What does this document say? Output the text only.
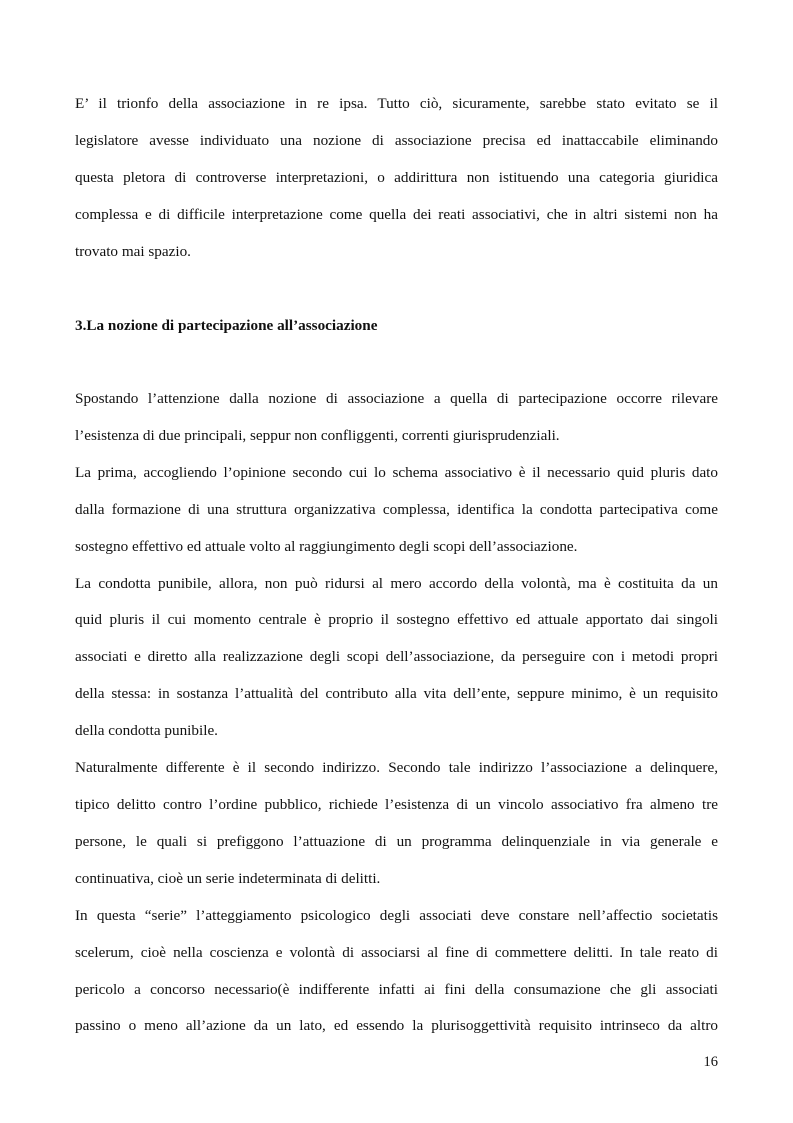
E’ il trionfo della associazione in re ipsa. Tutto ciò, sicuramente, sarebbe stato evitato se il
legislatore avesse individuato una nozione di associazione precisa ed inattaccabile eliminando
questa pletora di controverse interpretazioni, o addirittura non istituendo una categoria giuridica
complessa e di difficile interpretazione come quella dei reati associativi, che in altri sistemi non ha
trovato mai spazio.

3.La nozione di partecipazione all’associazione

Spostando l’attenzione dalla nozione di associazione a quella di partecipazione occorre rilevare
l’esistenza di due principali, seppur non confliggenti, correnti giurisprudenziali.
La prima, accogliendo l’opinione secondo cui lo schema associativo è il necessario quid pluris dato
dalla formazione di una struttura organizzativa complessa, identifica la condotta partecipativa come
sostegno effettivo ed attuale volto al raggiungimento degli scopi dell’associazione.
La condotta punibile, allora, non può ridursi al mero accordo della volontà, ma è costituita da un
quid pluris il cui momento centrale è proprio il sostegno effettivo ed attuale apportato dai singoli
associati e diretto alla realizzazione degli scopi dell’associazione, da perseguire con i metodi propri
della stessa: in sostanza l’attualità del contributo alla vita dell’ente, seppure minimo, è un requisito
della condotta punibile.
Naturalmente differente è il secondo indirizzo. Secondo tale indirizzo l’associazione a delinquere,
tipico delitto contro l’ordine pubblico, richiede l’esistenza di un vincolo associativo fra almeno tre
persone, le quali si prefiggono l’attuazione di un programma delinquenziale in via generale e
continuativa, cioè un serie indeterminata di delitti.
In questa “serie” l’atteggiamento psicologico degli associati deve constare nell’affectio societatis
scelerum, cioè nella coscienza e volontà di associarsi al fine di commettere delitti. In tale reato di
pericolo a concorso necessario(è indifferente infatti ai fini della consumazione che gli associati
passino o meno all’azione da un lato, ed essendo la plurisoggettività requisito intrinseco da altro

16
